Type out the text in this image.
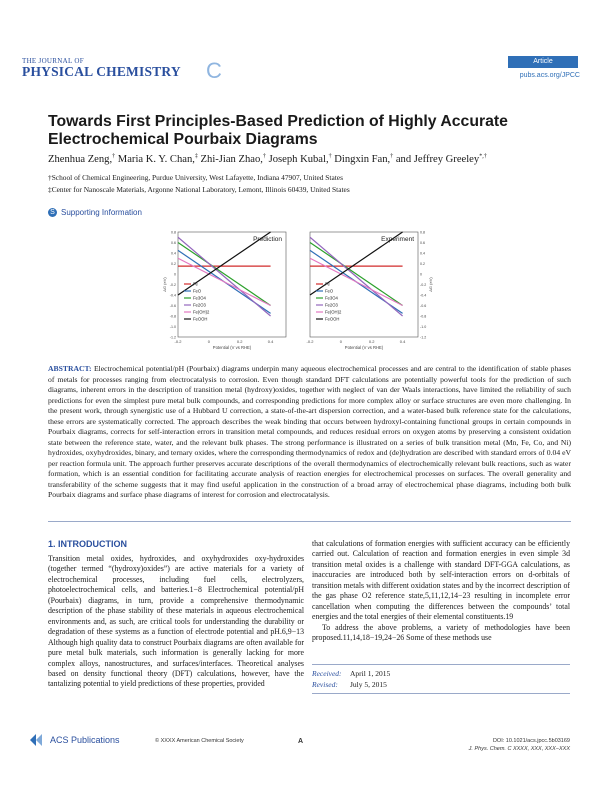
THE JOURNAL OF
PHYSICAL CHEMISTRY C	Article
pubs.acs.org/JPCC
Towards First Principles-Based Prediction of Highly Accurate Electrochemical Pourbaix Diagrams
Zhenhua Zeng,† Maria K. Y. Chan,‡ Zhi-Jian Zhao,† Joseph Kubal,† Dingxin Fan,† and Jeffrey Greeley*,†
†School of Chemical Engineering, Purdue University, West Lafayette, Indiana 47907, United States
‡Center for Nanoscale Materials, Argonne National Laboratory, Lemont, Illinois 60439, United States
S Supporting Information
0.8
0.6
0.4
0.2
0
-0.2
-0.4
-0.6
-0.8
-1.0
-1.2
-0.2	0	0.2	0.4
Potential (V vs RHE)
ΔG (eV)
Prediction
Fe
FeO
Fe3O4
Fe2O3
Fe(OH)2
FeOOH
0.8
0.6
0.4
0.2
0
-0.2
-0.4
-0.6
-0.8
-1.0
-1.2
-0.2	0	0.2	0.4
Potential (V vs RHE)
ΔG (eV)
Experiment
Fe
FeO
Fe3O4
Fe2O3
Fe(OH)2
FeOOH
ABSTRACT: Electrochemical potential/pH (Pourbaix) diagrams underpin many aqueous electrochemical processes and are central to the identification of stable phases of metals for processes ranging from electrocatalysis to corrosion. Even though standard DFT calculations are potentially powerful tools for the prediction of such diagrams, inherent errors in the description of transition metal (hydroxy)oxides, together with neglect of van der Waals interactions, have limited the reliability of such predictions for even the simplest pure metal bulk compounds, and corresponding predictions for more complex alloy or surface structures are even more challenging. In the present work, through synergistic use of a Hubbard U correction, a state-of-the-art dispersion correction, and a water-based bulk reference state for the calculations, these errors are systematically corrected. The approach describes the weak binding that occurs between hydroxyl-containing functional groups in certain compounds in Pourbaix diagrams, corrects for self-interaction errors in transition metal compounds, and reduces residual errors on oxygen atoms by preserving a consistent oxidation state between the reference state, water, and the relevant bulk phases. The strong performance is illustrated on a series of bulk transition metal (Mn, Fe, Co, and Ni) hydroxides, oxyhydroxides, binary, and ternary oxides, where the corresponding thermodynamics of redox and (de)hydration are described with standard errors of 0.04 eV per reaction formula unit. The approach further preserves accurate descriptions of the overall thermodynamics of electrochemically relevant bulk reactions, such as water formation, which is an essential condition for facilitating accurate analysis of reaction energies for electrochemical processes on surfaces. The overall generality and transferability of the scheme suggests that it may find useful application in the construction of a broad array of electrochemical phase diagrams, including both bulk Pourbaix diagrams and surface phase diagrams of interest for corrosion and electrocatalysis.
1. INTRODUCTION
Transition metal oxides, hydroxides, and oxyhydroxides oxy-hydroxides (together termed “(hydroxy)oxides”) are active materials for a variety of electrochemical processes, including fuel cells, electrolyzers, photoelectrochemical cells, and batteries.1−8 Electrochemical potential/pH (Pourbaix) diagrams, in turn, provide a comprehensive thermodynamic description of the phase stability of these materials in aqueous electrochemical environments and, as such, are critical tools for understanding the durability or degradation of these systems as a function of electrode potential and pH.6,9−13 Although high quality data to construct Pourbaix diagrams are often available for pure metal bulk materials, such information is generally lacking for more complex alloys, nanostructures, and surfaces/interfaces. Theoretical analyses based on density functional theory (DFT) calculations, however, have the tantalizing potential to yield predictions of these properties, provided
that calculations of formation energies with sufficient accuracy can be efficiently carried out. Calculation of reaction and formation energies in even simple 3d transition metal oxides is a challenge with standard DFT-GGA calculations, as inaccuracies are introduced both by self-interaction errors on d-orbitals of transition metals with different oxidation states and by the incorrect description of the gas phase O2 reference state,5,11,12,14−23 resulting in incomplete error cancellation when computing the differences between the compounds’ total energies and the total energies of their elemental constituents.19
To address the above problems, a variety of methodologies have been proposed.11,14,18−19,24−26 Some of these methods use
Received:	April 1, 2015
Revised:	July 5, 2015
ACS Publications	© XXXX American Chemical Society	A	DOI: 10.1021/acs.jpcc.5b03169
J. Phys. Chem. C XXXX, XXX, XXX−XXX
